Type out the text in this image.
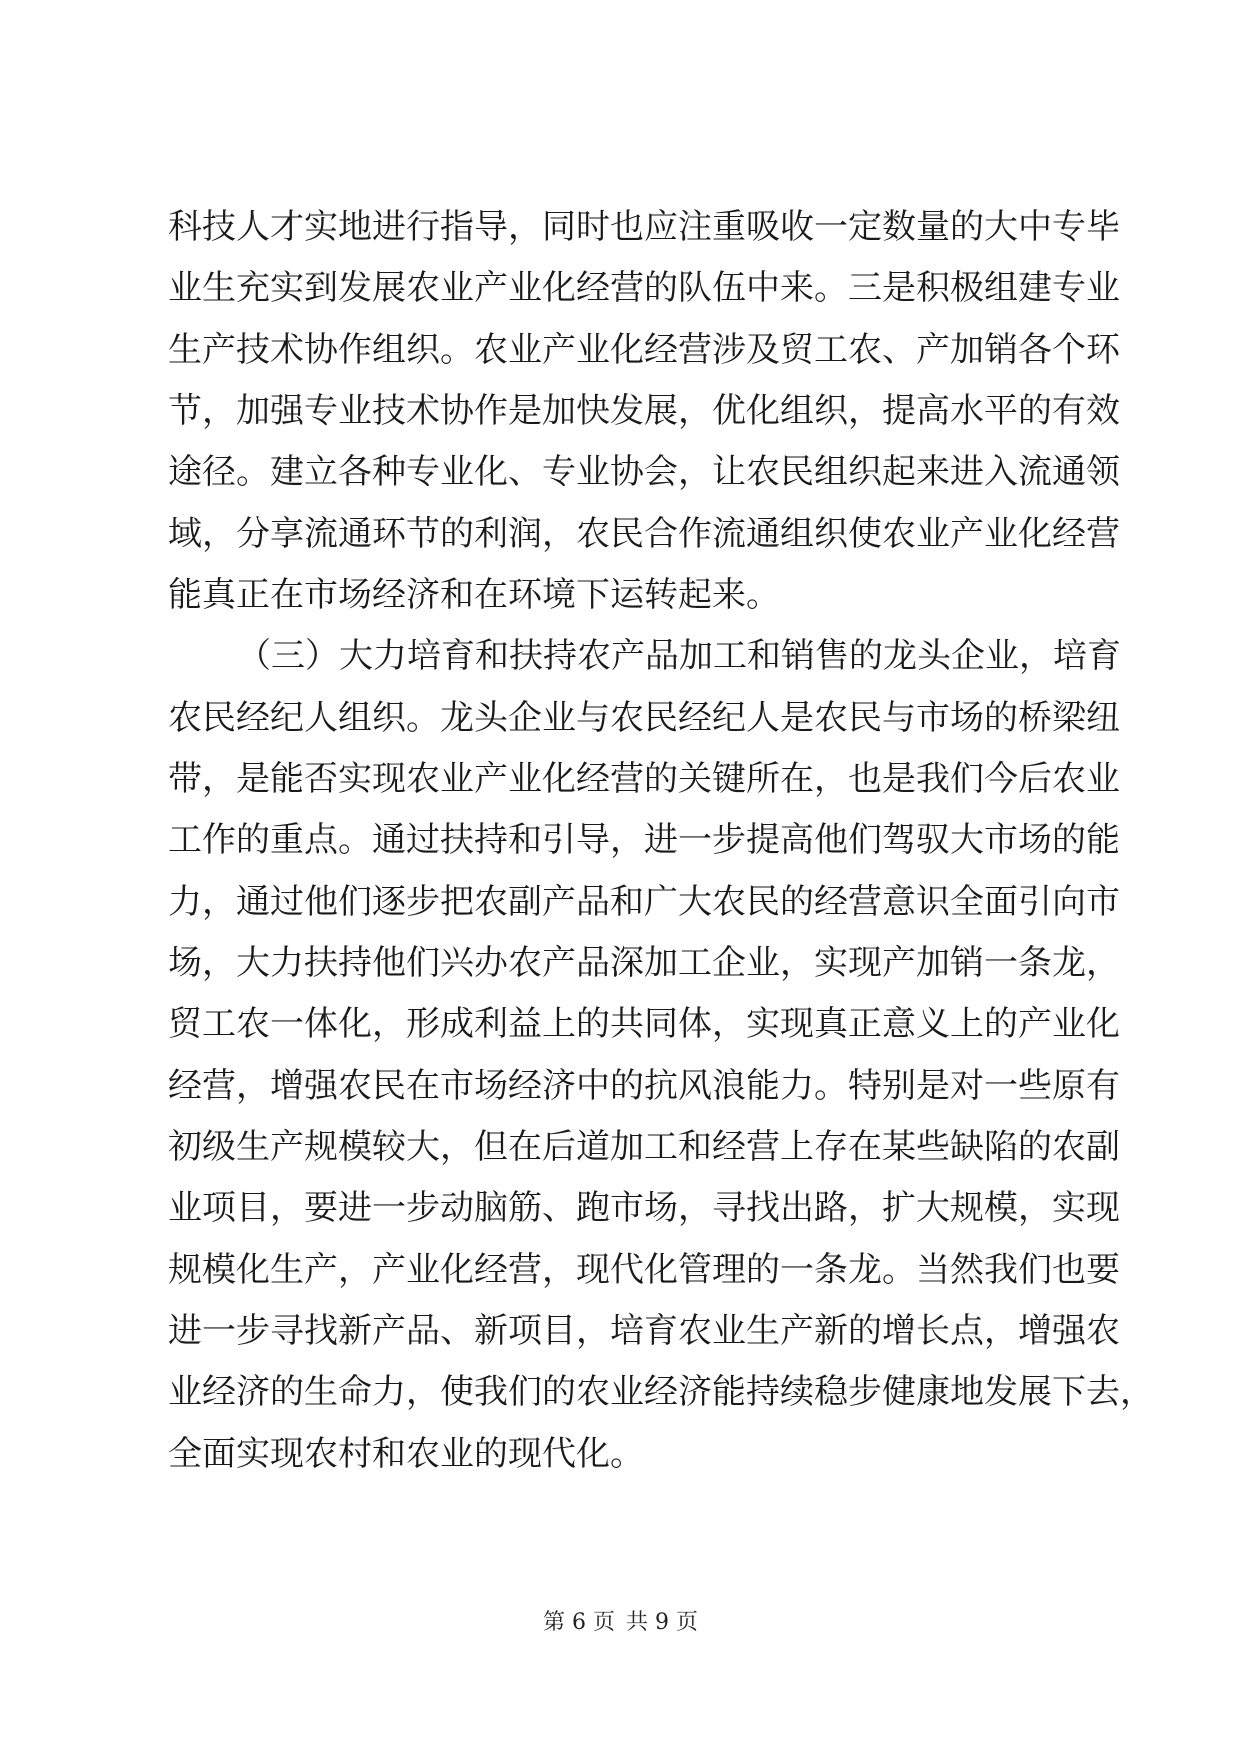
科技人才实地进行指导，同时也应注重吸收一定数量的大中专毕
业生充实到发展农业产业化经营的队伍中来。三是积极组建专业
生产技术协作组织。农业产业化经营涉及贸工农、产加销各个环
节，加强专业技术协作是加快发展，优化组织，提高水平的有效
途径。建立各种专业化、专业协会，让农民组织起来进入流通领
域，分享流通环节的利润，农民合作流通组织使农业产业化经营
能真正在市场经济和在环境下运转起来。
（三）大力培育和扶持农产品加工和销售的龙头企业，培育
农民经纪人组织。龙头企业与农民经纪人是农民与市场的桥梁纽
带，是能否实现农业产业化经营的关键所在，也是我们今后农业
工作的重点。通过扶持和引导，进一步提高他们驾驭大市场的能
力，通过他们逐步把农副产品和广大农民的经营意识全面引向市
场，大力扶持他们兴办农产品深加工企业，实现产加销一条龙，
贸工农一体化，形成利益上的共同体，实现真正意义上的产业化
经营，增强农民在市场经济中的抗风浪能力。特别是对一些原有
初级生产规模较大，但在后道加工和经营上存在某些缺陷的农副
业项目，要进一步动脑筋、跑市场，寻找出路，扩大规模，实现
规模化生产，产业化经营，现代化管理的一条龙。当然我们也要
进一步寻找新产品、新项目，培育农业生产新的增长点，增强农
业经济的生命力，使我们的农业经济能持续稳步健康地发展下去，
全面实现农村和农业的现代化。
第 6 页 共 9 页
